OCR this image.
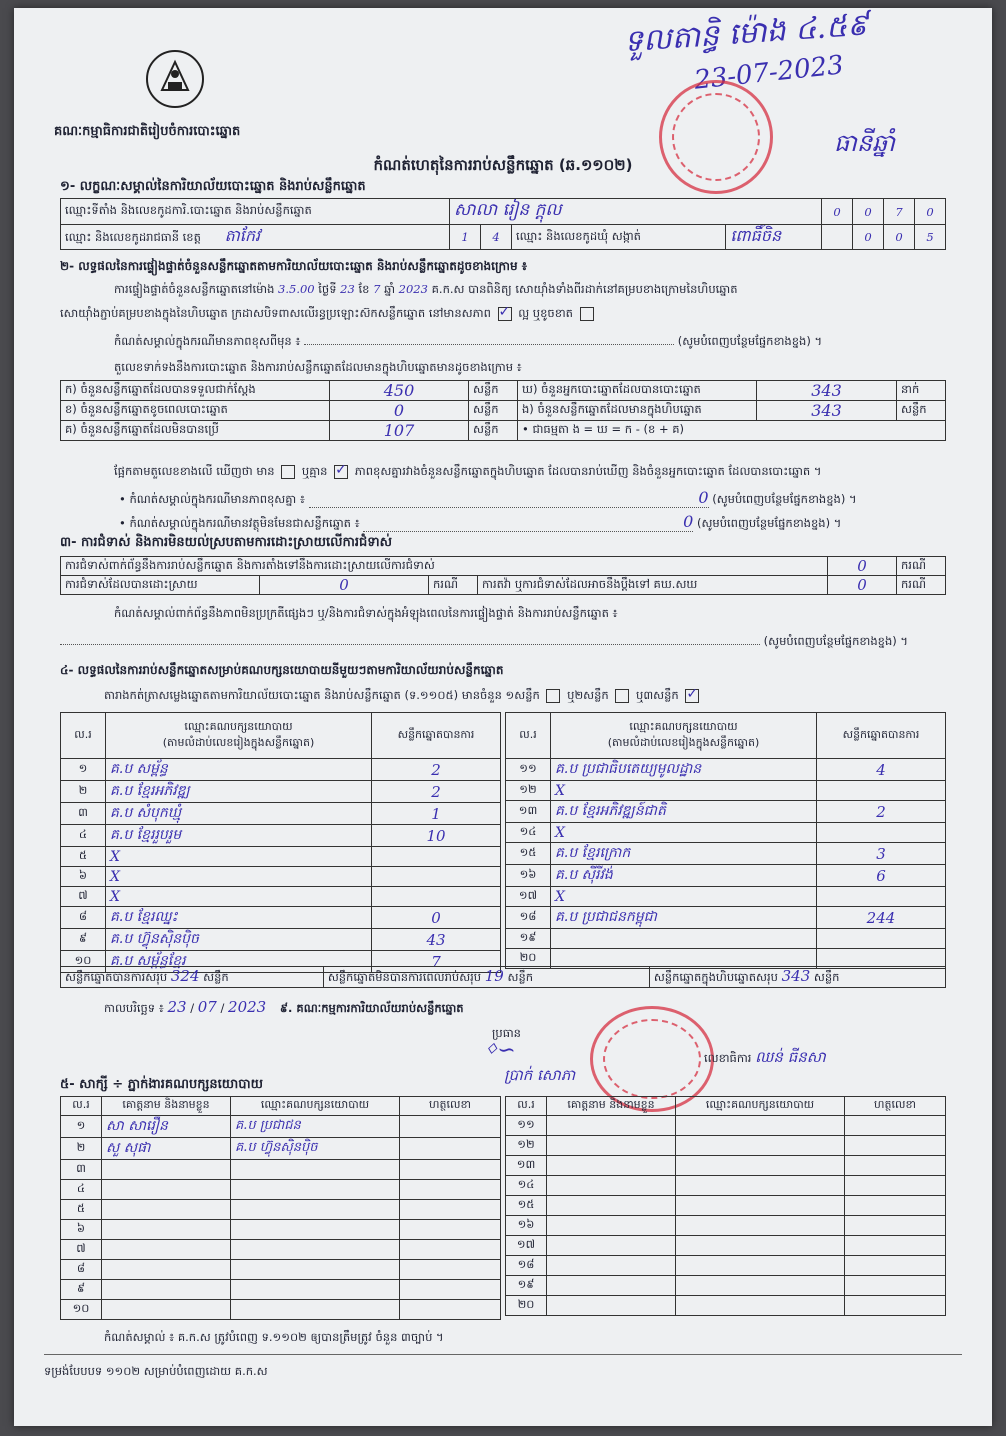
គណៈកម្មាធិការជាតិរៀបចំការបោះឆ្នោត
ទួលតាន្ធិ ម៉ោង ៤.៥៩
23-07-2023
ធានីឆ្នាំ
កំណត់ហេតុនៃការរាប់សន្លឹកឆ្នោត (ឆ.១១០២)
១- លក្ខណៈសម្គាល់នៃការិយាល័យបោះឆ្នោត និងរាប់សន្លឹកឆ្នោត
ឈ្មោះទីតាំង និងលេខកូដការិ.បោះឆ្នោត និងរាប់សន្លឹកឆ្នោត	សាលា រៀន ក្ដុល				0	0	7	0
ឈ្មោះ និងលេខកូដរាជធានី ខេត្ត តាកែវ	1	4	ឈ្មោះ និងលេខកូដឃុំ សង្កាត់	ពោធិ៍ចិន		0	0	5
២- លទ្ធផលនៃការផ្ទៀងផ្ទាត់ចំនួនសន្លឹកឆ្នោតតាមការិយាល័យបោះឆ្នោត និងរាប់សន្លឹកឆ្នោតដូចខាងក្រោម ៖
ការផ្ទៀងផ្ទាត់ចំនួនសន្លឹកឆ្នោតនៅម៉ោង 3.5.00 ថ្ងៃទី 23 ខែ 7 ឆ្នាំ 2023 គ.ក.ស បានពិនិត្យ សោយ៉ាំងទាំងពីរដាក់នៅគម្របខាងក្រោមនៃហិបឆ្នោត
សោយ៉ាំងភ្ជាប់គម្របខាងក្នុងនៃហិបឆ្នោត ក្រដាសបិទពាសលើរន្ធប្រឡោះស៊កសន្លឹកឆ្នោត នៅមានសភាព ✓ ល្អ ឬខូចខាត
កំណត់សម្គាល់ក្នុងករណីមានភាពខុសពីមុន ៖	(សូមបំពេញបន្ថែមផ្នែកខាងខ្នង) ។
តួលេខទាក់ទងនឹងការបោះឆ្នោត និងការរាប់សន្លឹកឆ្នោតដែលមានក្នុងហិបឆ្នោតមានដូចខាងក្រោម ៖
ក) ចំនួនសន្លឹកឆ្នោតដែលបានទទួលជាក់ស្ដែង	450	សន្លឹក	ឃ) ចំនួនអ្នកបោះឆ្នោតដែលបានបោះឆ្នោត	343	នាក់
ខ) ចំនួនសន្លឹកឆ្នោតខូចពេលបោះឆ្នោត	0	សន្លឹក	ង) ចំនួនសន្លឹកឆ្នោតដែលមានក្នុងហិបឆ្នោត	343	សន្លឹក
គ) ចំនួនសន្លឹកឆ្នោតដែលមិនបានប្រើ	107	សន្លឹក	• ជាធម្មតា ង = ឃ = ក - (ខ + គ)		
ផ្អែកតាមតួលេខខាងលើ ឃើញថា មាន ឬគ្មាន ✓ ភាពខុសគ្នារវាងចំនួនសន្លឹកឆ្នោតក្នុងហិបឆ្នោត ដែលបានរាប់ឃើញ និងចំនួនអ្នកបោះឆ្នោត ដែលបានបោះឆ្នោត ។
• កំណត់សម្គាល់ក្នុងករណីមានភាពខុសគ្នា ៖	0 (សូមបំពេញបន្ថែមផ្នែកខាងខ្នង) ។
• កំណត់សម្គាល់ក្នុងករណីមានវត្ថុមិនមែនជាសន្លឹកឆ្នោត ៖	0 (សូមបំពេញបន្ថែមផ្នែកខាងខ្នង) ។
៣- ការជំទាស់ និងការមិនយល់ស្របតាមការដោះស្រាយលើការជំទាស់
ការជំទាស់ពាក់ព័ន្ធនឹងការរាប់សន្លឹកឆ្នោត និងការតាំងទៅនឹងការដោះស្រាយលើការជំទាស់				0	ករណី
ការជំទាស់ដែលបានដោះស្រាយ	0	ករណី	ការតវ៉ា ឬការជំទាស់ដែលអាចនឹងប្ដឹងទៅ គឃ.សឃ	0	ករណី
កំណត់សម្គាល់ពាក់ព័ន្ធនឹងភាពមិនប្រក្រតីផ្សេងៗ ឬ/និងការជំទាស់ក្នុងអំឡុងពេលនៃការផ្ទៀងផ្ទាត់ និងការរាប់សន្លឹកឆ្នោត ៖
(សូមបំពេញបន្ថែមផ្នែកខាងខ្នង) ។
៤- លទ្ធផលនៃការរាប់សន្លឹកឆ្នោតសម្រាប់គណបក្សនយោបាយនីមួយៗតាមការិយាល័យរាប់សន្លឹកឆ្នោត
តារាងកត់ត្រាសម្លេងឆ្នោតតាមការិយាល័យបោះឆ្នោត និងរាប់សន្លឹកឆ្នោត (ទ.១១០៥) មានចំនួន ១សន្លឹក ឬ២សន្លឹក ឬ៣សន្លឹក ✓
ល.រ	ឈ្មោះគណបក្សនយោបាយ
(តាមលំដាប់លេខរៀងក្នុងសន្លឹកឆ្នោត)	សន្លឹកឆ្នោតបានការ
១	គ.ប សម្ព័ន្ធ	2
២	គ.ប ខ្មែរអភិវឌ្ឍ	2
៣	គ.ប សំបុកឃ្មុំ	1
៤	គ.ប ខ្មែររួបរួម	10
៥	X	
៦	X	
៧	X	
៨	គ.ប ខ្មែរឈ្នះ	0
៩	គ.ប ហ៊្វុនស៊ិនប៉ិច	43
១០	គ.ប សម្ព័ន្ធខ្មែរ	7
ល.រ	ឈ្មោះគណបក្សនយោបាយ
(តាមលំដាប់លេខរៀងក្នុងសន្លឹកឆ្នោត)	សន្លឹកឆ្នោតបានការ
១១	គ.ប ប្រជាធិបតេយ្យមូលដ្ឋាន	4
១២	X	
១៣	គ.ប ខ្មែរអភិវឌ្ឍន៍ជាតិ	2
១៤	X	
១៥	គ.ប ខ្មែរក្រោក	3
១៦	គ.ប ស៊ីរីវង់	6
១៧	X	
១៨	គ.ប ប្រជាជនកម្ពុជា	244
១៩		
២០		
សន្លឹកឆ្នោតបានការសរុប 324 សន្លឹក	សន្លឹកឆ្នោតមិនបានការពេលរាប់សរុប 19 សន្លឹក	សន្លឹកឆ្នោតក្នុងហិបឆ្នោតសរុប 343 សន្លឹក
កាលបរិច្ឆេទ ៖ 23 / 07 / 2023 ៩. គណៈកម្មការការិយាល័យរាប់សន្លឹកឆ្នោត
ប្រធាន
ᛜ∽
ប្រាក់ សោភា
លេខាធិការ ឈន់ ធីនសា
៥- សាក្សី ÷ ភ្នាក់ងារគណបក្សនយោបាយ
ល.រ	គោត្តនាម និងនាមខ្លួន	ឈ្មោះគណបក្សនយោបាយ	ហត្ថលេខា
១	សា សារឿន	គ.ប ប្រជាជន	
២	សួ សុផា	គ.ប ហ៊្វុនស៊ិនប៉ិច	
៣			
៤			
៥			
៦			
៧			
៨			
៩			
១០			
ល.រ	គោត្តនាម និងនាមខ្លួន	ឈ្មោះគណបក្សនយោបាយ	ហត្ថលេខា
១១			
១២			
១៣			
១៤			
១៥			
១៦			
១៧			
១៨			
១៩			
២០			
កំណត់សម្គាល់ ៖ គ.ក.ស ត្រូវបំពេញ ទ.១១០២ ឲ្យបានត្រឹមត្រូវ ចំនួន ៣ច្បាប់ ។
ទម្រង់បែបបទ ១១០២ សម្រាប់បំពេញដោយ គ.ក.ស
